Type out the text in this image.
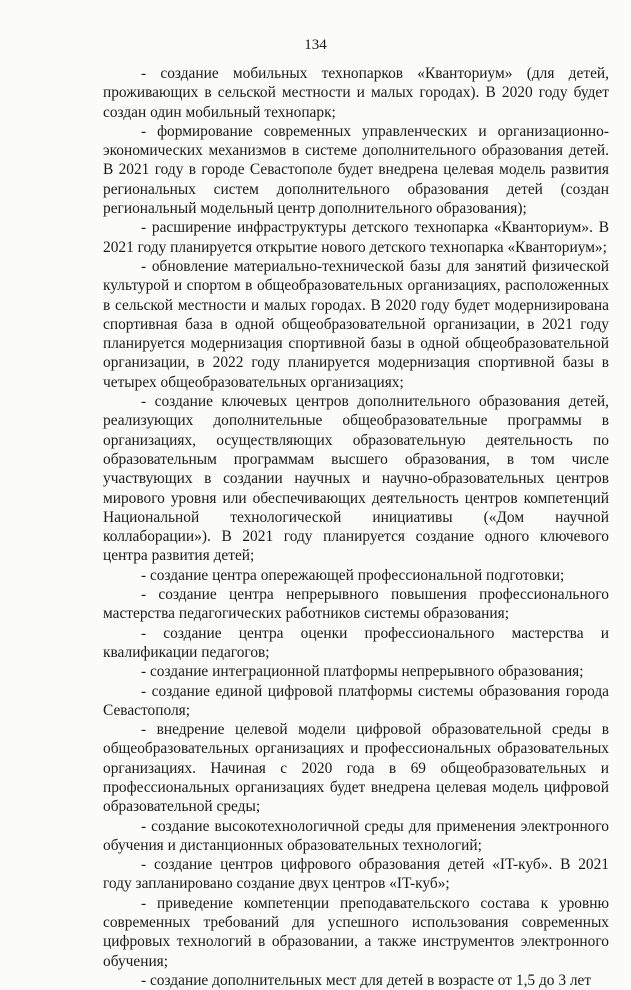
134

- создание мобильных технопарков «Кванториум» (для детей, проживающих в сельской местности и малых городах). В 2020 году будет создан один мобильный технопарк;

- формирование современных управленческих и организационно-экономических механизмов в системе дополнительного образования детей. В 2021 году в городе Севастополе будет внедрена целевая модель развития региональных систем дополнительного образования детей (создан региональный модельный центр дополнительного образования);

- расширение инфраструктуры детского технопарка «Кванториум». В 2021 году планируется открытие нового детского технопарка «Кванториум»;

- обновление материально-технической базы для занятий физической культурой и спортом в общеобразовательных организациях, расположенных в сельской местности и малых городах. В 2020 году будет модернизирована спортивная база в одной общеобразовательной организации, в 2021 году планируется модернизация спортивной базы в одной общеобразовательной организации, в 2022 году планируется модернизация спортивной базы в четырех общеобразовательных организациях;

- создание ключевых центров дополнительного образования детей, реализующих дополнительные общеобразовательные программы в организациях, осуществляющих образовательную деятельность по образовательным программам высшего образования, в том числе участвующих в создании научных и научно-образовательных центров мирового уровня или обеспечивающих деятельность центров компетенций Национальной технологической инициативы («Дом научной коллаборации»). В 2021 году планируется создание одного ключевого центра развития детей;

- создание центра опережающей профессиональной подготовки;

- создание центра непрерывного повышения профессионального мастерства педагогических работников системы образования;

- создание центра оценки профессионального мастерства и квалификации педагогов;

- создание интеграционной платформы непрерывного образования;

- создание единой цифровой платформы системы образования города Севастополя;

- внедрение целевой модели цифровой образовательной среды в общеобразовательных организациях и профессиональных образовательных организациях. Начиная с 2020 года в 69 общеобразовательных и профессиональных организациях будет внедрена целевая модель цифровой образовательной среды;

- создание высокотехнологичной среды для применения электронного обучения и дистанционных образовательных технологий;

- создание центров цифрового образования детей «IT-куб». В 2021 году запланировано создание двух центров «IT-куб»;

- приведение компетенции преподавательского состава к уровню современных требований для успешного использования современных цифровых технологий в образовании, а также инструментов электронного обучения;

- создание дополнительных мест для детей в возрасте от 1,5 до 3 лет
